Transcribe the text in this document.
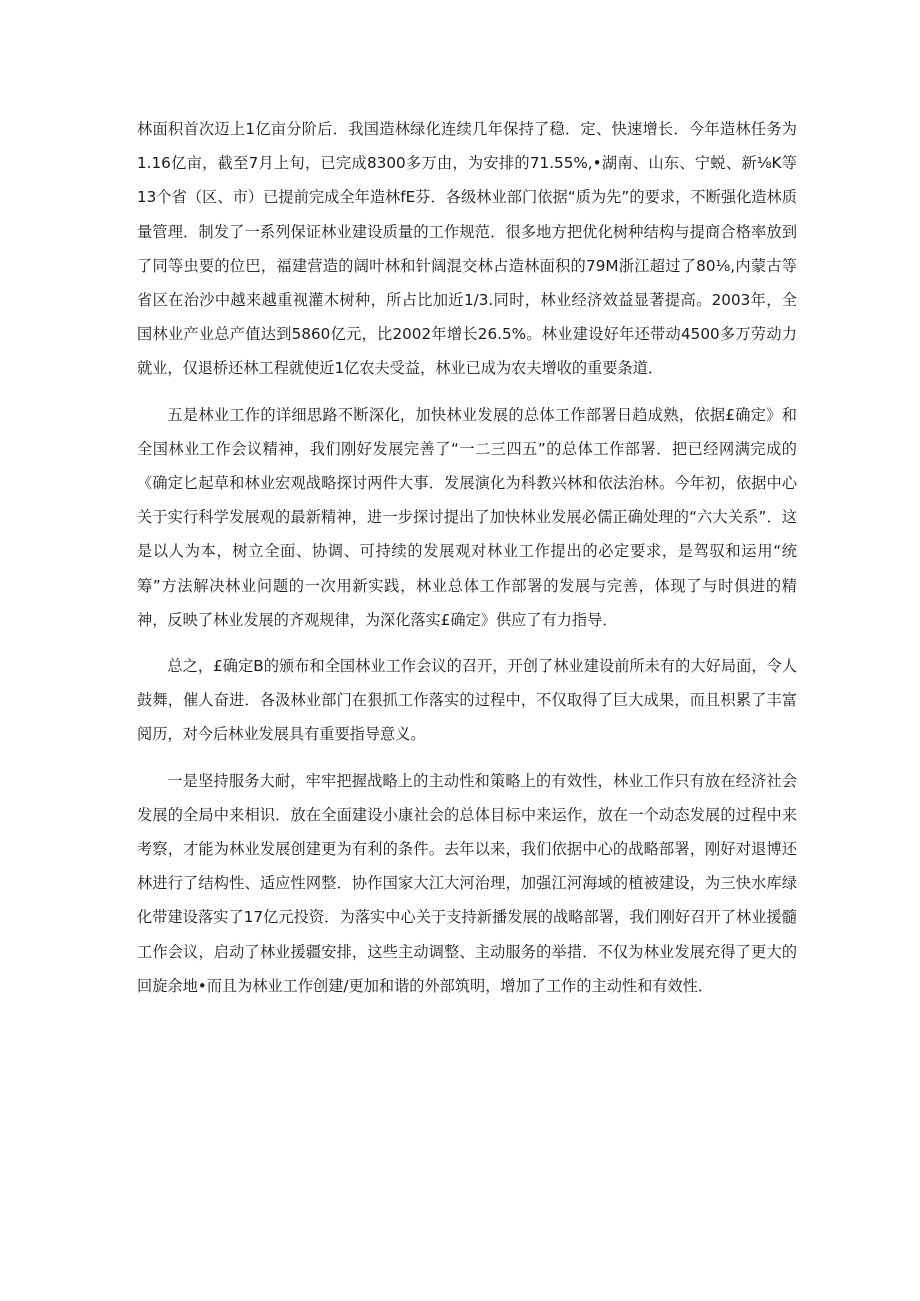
林面积首次迈上1亿亩分阶后．我国造林绿化连续几年保持了稳．定、快速增长．今年造林任务为1.16亿亩，截至7月上旬，已完成8300多万由，为安排的71.55%,•湖南、山东、宁蜕、新⅛K等13个省（区、市）已提前完成全年造林fE芬．各级林业部门依据“质为先”的要求，不断强化造林质量管理．制发了一系列保证林业建设质量的工作规范．很多地方把优化树种结构与提商合格率放到了同等虫要的位巴，福建营造的阔叶林和针阔混交林占造林面积的79M浙江超过了80⅛,内蒙古等省区在治沙中越来越重视灌木树种，所占比加近1/3.同时，林业经济效益显著提高。2003年，全国林业产业总产值达到5860亿元，比2002年增长26.5%。林业建设好年还带动4500多万劳动力就业，仅退桥还林工程就使近1亿农夫受益，林业已成为农夫增收的重要条道．

五是林业工作的详细思路不断深化，加快林业发展的总体工作部署日趋成熟，依据£确定》和全国林业工作会议精神，我们刚好发展完善了“一二三四五”的总体工作部署．把已经网满完成的《确定匕起草和林业宏观战略探讨两件大事．发展演化为科教兴林和依法治林。今年初，依据中心关于实行科学发展观的最新精神，进一步探讨提出了加快林业发展必儒正确处理的“六大关系”．这是以人为本，树立全面、协调、可持续的发展观对林业工作提出的必定要求，是驾驭和运用“统筹”方法解决林业问题的一次用新实践，林业总体工作部署的发展与完善，体现了与时俱进的精神，反映了林业发展的齐观规律，为深化落实£确定》供应了有力指导．

总之，£确定B的颁布和全国林业工作会议的召开，开创了林业建设前所未有的大好局面，令人鼓舞，催人奋进．各汲林业部门在狠抓工作落实的过程中，不仅取得了巨大成果，而且枳累了丰富阅历，对今后林业发展具有重要指导意义。

一是坚持服务大耐，牢牢把握战略上的主动性和策略上的有效性，林业工作只有放在经济社会发展的全局中来相识．放在全面建设小康社会的总体目标中来运作，放在一个动态发展的过程中来考察，才能为林业发展创建更为有利的条件。去年以来，我们依据中心的战略部署，刚好对退博还林进行了结构性、适应性网整．协作国家大江大河治理，加强江河海域的植被建设，为三快水库绿化带建设落实了17亿元投资．为落实中心关于支持新播发展的战略部署，我们刚好召开了林业援髓工作会议，启动了林业援疆安排，这些主动调整、主动服务的举措．不仅为林业发展充得了更大的回旋余地•而且为林业工作创建/更加和谐的外部筑明，增加了工作的主动性和有效性．
